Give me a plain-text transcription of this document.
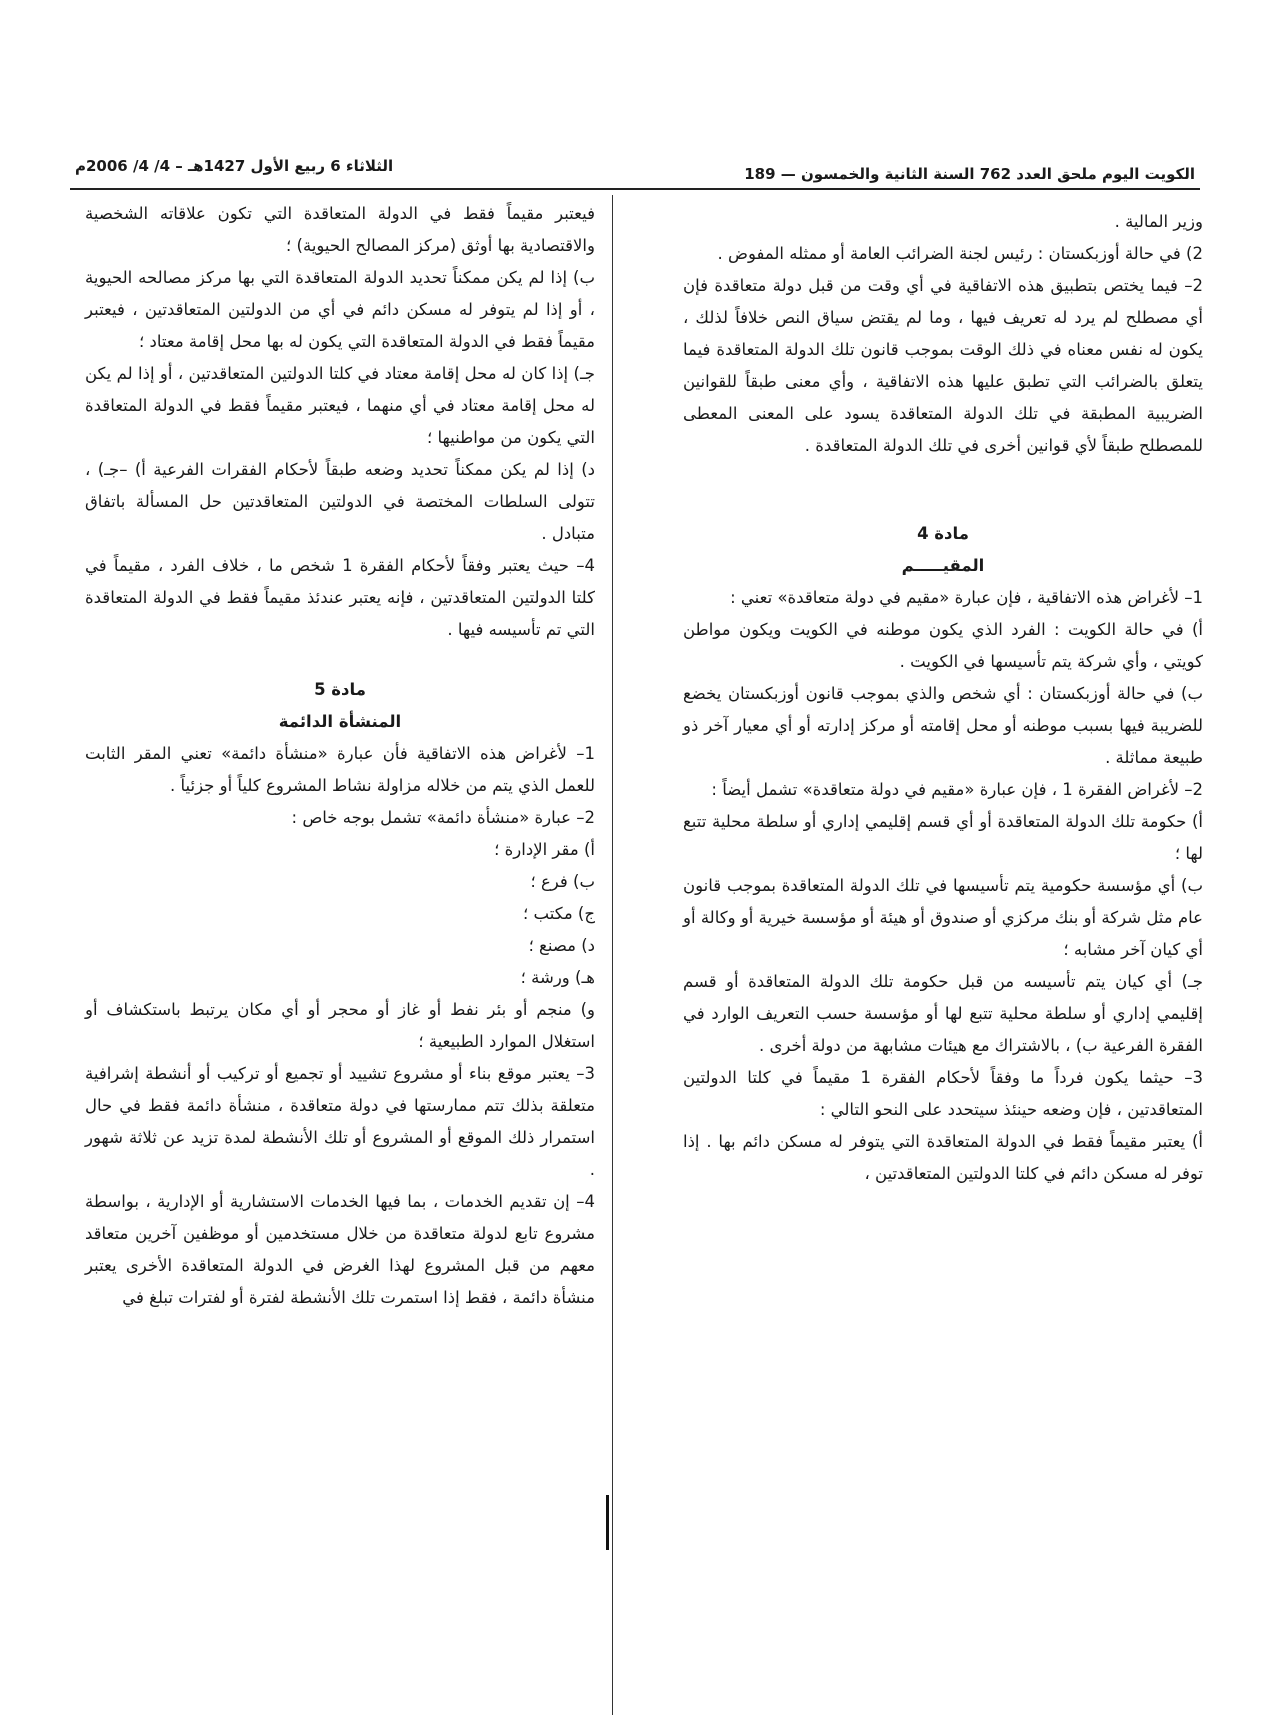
الكويت اليوم ملحق العدد 762 السنة الثانية والخمسون — 189
الثلاثاء 6 ربيع الأول 1427هـ – 4/ 4/ 2006م

وزير المالية .

2) في حالة أوزبكستان : رئيس لجنة الضرائب العامة أو ممثله المفوض .

2– فيما يختص بتطبيق هذه الاتفاقية في أي وقت من قبل دولة متعاقدة فإن أي مصطلح لم يرد له تعريف فيها ، وما لم يقتض سياق النص خلافاً لذلك ، يكون له نفس معناه في ذلك الوقت بموجب قانون تلك الدولة المتعاقدة فيما يتعلق بالضرائب التي تطبق عليها هذه الاتفاقية ، وأي معنى طبقاً للقوانين الضريبية المطبقة في تلك الدولة المتعاقدة يسود على المعنى المعطى للمصطلح طبقاً لأي قوانين أخرى في تلك الدولة المتعاقدة .

مادة 4

المقيـــــم

1– لأغراض هذه الاتفاقية ، فإن عبارة «مقيم في دولة متعاقدة» تعني :

أ) في حالة الكويت : الفرد الذي يكون موطنه في الكويت ويكون مواطن كويتي ، وأي شركة يتم تأسيسها في الكويت .

ب) في حالة أوزبكستان : أي شخص والذي بموجب قانون أوزبكستان يخضع للضريبة فيها بسبب موطنه أو محل إقامته أو مركز إدارته أو أي معيار آخر ذو طبيعة مماثلة .

2– لأغراض الفقرة 1 ، فإن عبارة «مقيم في دولة متعاقدة» تشمل أيضاً :

أ) حكومة تلك الدولة المتعاقدة أو أي قسم إقليمي إداري أو سلطة محلية تتبع لها ؛

ب) أي مؤسسة حكومية يتم تأسيسها في تلك الدولة المتعاقدة بموجب قانون عام مثل شركة أو بنك مركزي أو صندوق أو هيئة أو مؤسسة خيرية أو وكالة أو أي كيان آخر مشابه ؛

جـ) أي كيان يتم تأسيسه من قبل حكومة تلك الدولة المتعاقدة أو قسم إقليمي إداري أو سلطة محلية تتبع لها أو مؤسسة حسب التعريف الوارد في الفقرة الفرعية ب) ، بالاشتراك مع هيئات مشابهة من دولة أخرى .

3– حيثما يكون فرداً ما وفقاً لأحكام الفقرة 1 مقيماً في كلتا الدولتين المتعاقدتين ، فإن وضعه حينئذ سيتحدد على النحو التالي :

أ) يعتبر مقيماً فقط في الدولة المتعاقدة التي يتوفر له مسكن دائم بها . إذا توفر له مسكن دائم في كلتا الدولتين المتعاقدتين ،

فيعتبر مقيماً فقط في الدولة المتعاقدة التي تكون علاقاته الشخصية والاقتصادية بها أوثق (مركز المصالح الحيوية) ؛

ب) إذا لم يكن ممكناً تحديد الدولة المتعاقدة التي بها مركز مصالحه الحيوية ، أو إذا لم يتوفر له مسكن دائم في أي من الدولتين المتعاقدتين ، فيعتبر مقيماً فقط في الدولة المتعاقدة التي يكون له بها محل إقامة معتاد ؛

جـ) إذا كان له محل إقامة معتاد في كلتا الدولتين المتعاقدتين ، أو إذا لم يكن له محل إقامة معتاد في أي منهما ، فيعتبر مقيماً فقط في الدولة المتعاقدة التي يكون من مواطنيها ؛

د) إذا لم يكن ممكناً تحديد وضعه طبقاً لأحكام الفقرات الفرعية أ) –جـ) ، تتولى السلطات المختصة في الدولتين المتعاقدتين حل المسألة باتفاق متبادل .

4– حيث يعتبر وفقاً لأحكام الفقرة 1 شخص ما ، خلاف الفرد ، مقيماً في كلتا الدولتين المتعاقدتين ، فإنه يعتبر عندئذ مقيماً فقط في الدولة المتعاقدة التي تم تأسيسه فيها .

مادة 5

المنشأة الدائمة

1– لأغراض هذه الاتفاقية فأن عبارة «منشأة دائمة» تعني المقر الثابت للعمل الذي يتم من خلاله مزاولة نشاط المشروع كلياً أو جزئياً .

2– عبارة «منشأة دائمة» تشمل بوجه خاص :

أ) مقر الإدارة ؛

ب) فرع ؛

ج) مكتب ؛

د) مصنع ؛

هـ) ورشة ؛

و) منجم أو بئر نفط أو غاز أو محجر أو أي مكان يرتبط باستكشاف أو استغلال الموارد الطبيعية ؛

3– يعتبر موقع بناء أو مشروع تشييد أو تجميع أو تركيب أو أنشطة إشرافية متعلقة بذلك تتم ممارستها في دولة متعاقدة ، منشأة دائمة فقط في حال استمرار ذلك الموقع أو المشروع أو تلك الأنشطة لمدة تزيد عن ثلاثة شهور .

4– إن تقديم الخدمات ، بما فيها الخدمات الاستشارية أو الإدارية ، بواسطة مشروع تابع لدولة متعاقدة من خلال مستخدمين أو موظفين آخرين متعاقد معهم من قبل المشروع لهذا الغرض في الدولة المتعاقدة الأخرى يعتبر منشأة دائمة ، فقط إذا استمرت تلك الأنشطة لفترة أو لفترات تبلغ في
